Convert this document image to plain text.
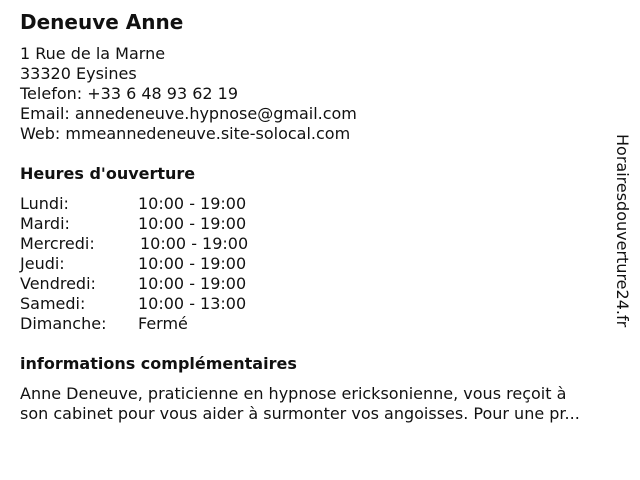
Deneuve Anne
1 Rue de la Marne
33320 Eysines
Telefon: +33 6 48 93 62 19
Email: annedeneuve.hypnose@gmail.com
Web: mmeannedeneuve.site-solocal.com
Heures d'ouverture
Lundi:	10:00 - 19:00
Mardi:	10:00 - 19:00
Mercredi:	10:00 - 19:00
Jeudi:	10:00 - 19:00
Vendredi:	10:00 - 19:00
Samedi:	10:00 - 13:00
Dimanche: Fermé
informations complémentaires
Anne Deneuve, praticienne en hypnose ericksonienne, vous reçoit à
son cabinet pour vous aider à surmonter vos angoisses. Pour une pr...
Horairesdouverture24.fr
